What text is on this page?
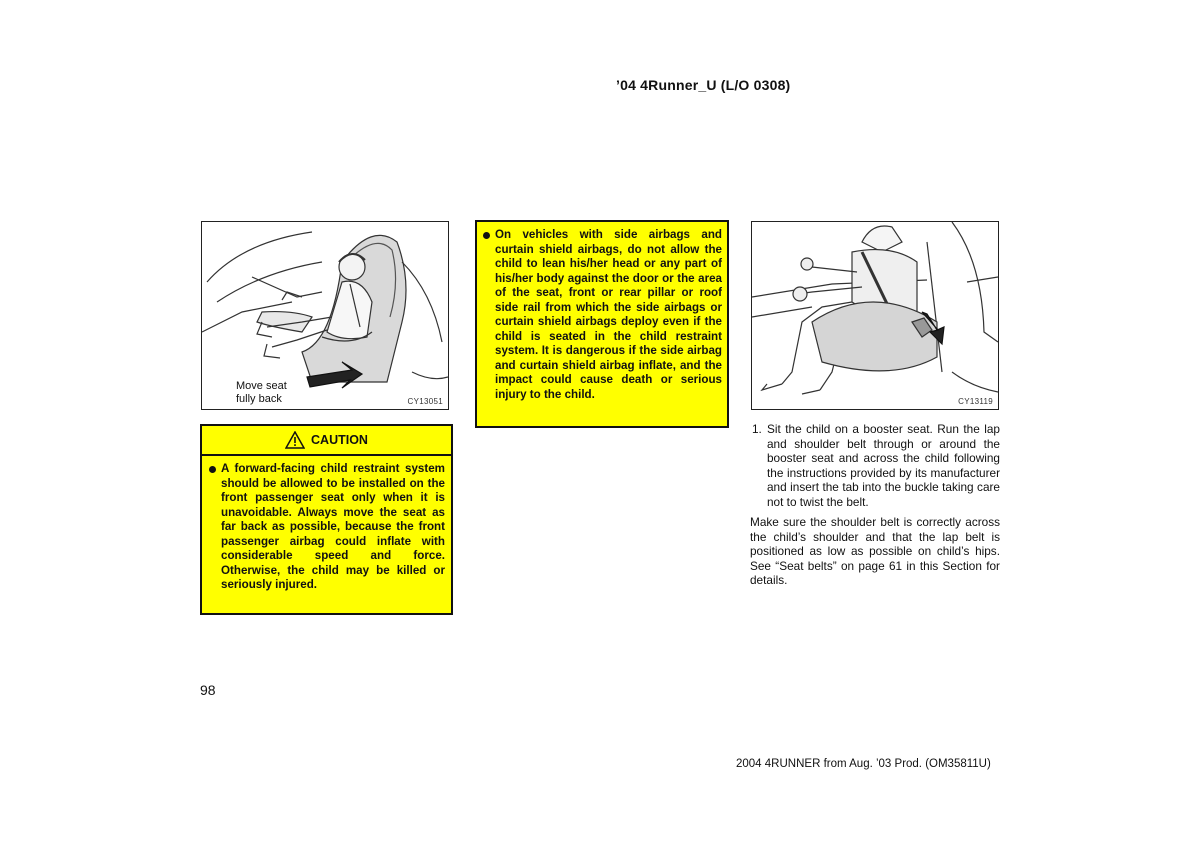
’04 4Runner_U (L/O 0308)
Move seat
fully back	CY13051
CAUTION
A forward-facing child restraint system should be allowed to be installed on the front passenger seat only when it is unavoidable. Always move the seat as far back as possible, because the front passenger airbag could inflate with considerable speed and force. Otherwise, the child may be killed or seriously injured.
On vehicles with side airbags and curtain shield airbags, do not allow the child to lean his/her head or any part of his/her body against the door or the area of the seat, front or rear pillar or roof side rail from which the side airbags or curtain shield airbags deploy even if the child is seated in the child restraint system. It is dangerous if the side airbag and curtain shield airbag inflate, and the impact could cause death or serious injury to the child.
CY13119
1. Sit the child on a booster seat. Run the lap and shoulder belt through or around the booster seat and across the child following the instructions provided by its manufacturer and insert the tab into the buckle taking care not to twist the belt.
Make sure the shoulder belt is correctly across the child’s shoulder and that the lap belt is positioned as low as possible on child’s hips. See “Seat belts” on page 61 in this Section for details.
98
2004 4RUNNER from Aug. ’03 Prod. (OM35811U)
